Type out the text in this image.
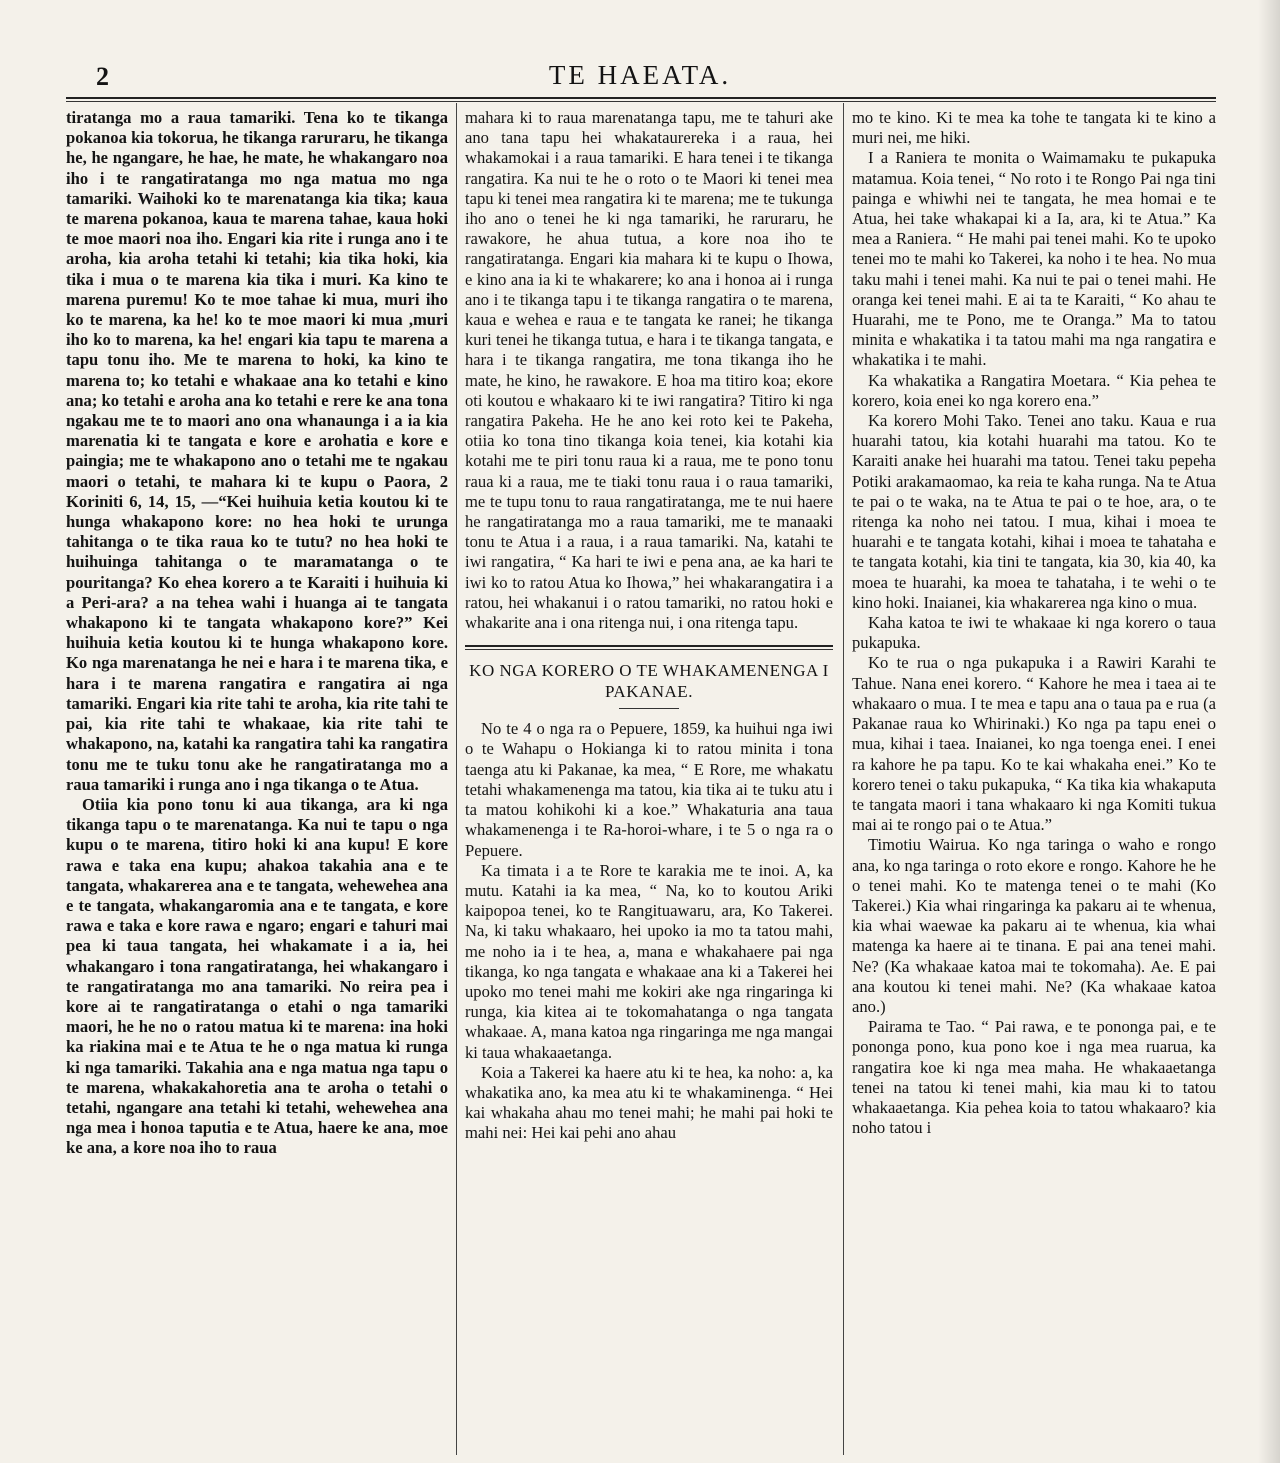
2	TE HAEATA.

tiratanga mo a raua tamariki. Tena ko te tikanga pokanoa kia tokorua, he tikanga raruraru, he tikanga he, he ngangare, he hae, he mate, he whakangaro noa iho i te rangatiratanga mo nga matua mo nga tamariki. Waihoki ko te marenatanga kia tika; kaua te marena pokanoa, kaua te marena tahae, kaua hoki te moe maori noa iho. Engari kia rite i runga ano i te aroha, kia aroha tetahi ki tetahi; kia tika hoki, kia tika i mua o te marena kia tika i muri. Ka kino te marena puremu! Ko te moe tahae ki mua, muri iho ko te marena, ka he! ko te moe maori ki mua ,muri iho ko to marena, ka he! engari kia tapu te marena a tapu tonu iho. Me te marena to hoki, ka kino te marena to; ko tetahi e whakaae ana ko tetahi e kino ana; ko tetahi e aroha ana ko tetahi e rere ke ana tona ngakau me te to maori ano ona whanaunga i a ia kia marenatia ki te tangata e kore e arohatia e kore e paingia; me te whakapono ano o tetahi me te ngakau maori o tetahi, te mahara ki te kupu o Paora, 2 Koriniti 6, 14, 15, —“Kei huihuia ketia koutou ki te hunga whakapono kore: no hea hoki te urunga tahitanga o te tika raua ko te tutu? no hea hoki te huihuinga tahitanga o te maramatanga o te pouritanga? Ko ehea korero a te Karaiti i huihuia ki a Peri-ara? a na tehea wahi i huanga ai te tangata whakapono ki te tangata whakapono kore?” Kei huihuia ketia koutou ki te hunga whakapono kore. Ko nga marenatanga he nei e hara i te marena tika, e hara i te marena rangatira e rangatira ai nga tamariki. Engari kia rite tahi te aroha, kia rite tahi te pai, kia rite tahi te whakaae, kia rite tahi te whakapono, na, katahi ka rangatira tahi ka rangatira tonu me te tuku tonu ake he rangatiratanga mo a raua tamariki i runga ano i nga tikanga o te Atua.

Otiia kia pono tonu ki aua tikanga, ara ki nga tikanga tapu o te marenatanga. Ka nui te tapu o nga kupu o te marena, titiro hoki ki ana kupu! E kore rawa e taka ena kupu; ahakoa takahia ana e te tangata, whakarerea ana e te tangata, wehewehea ana e te tangata, whakangaromia ana e te tangata, e kore rawa e taka e kore rawa e ngaro; engari e tahuri mai pea ki taua tangata, hei whakamate i a ia, hei whakangaro i tona rangatiratanga, hei whakangaro i te rangatiratanga mo ana tamariki. No reira pea i kore ai te rangatiratanga o etahi o nga tamariki maori, he he no o ratou matua ki te marena: ina hoki ka riakina mai e te Atua te he o nga matua ki runga ki nga tamariki. Takahia ana e nga matua nga tapu o te marena, whakakahoretia ana te aroha o tetahi o tetahi, ngangare ana tetahi ki tetahi, wehewehea ana nga mea i honoa taputia e te Atua, haere ke ana, moe ke ana, a kore noa iho to raua

mahara ki to raua marenatanga tapu, me te tahuri ake ano tana tapu hei whakataurereka i a raua, hei whakamokai i a raua tamariki. E hara tenei i te tikanga rangatira. Ka nui te he o roto o te Maori ki tenei mea tapu ki tenei mea rangatira ki te marena; me te tukunga iho ano o tenei he ki nga tamariki, he raruraru, he rawakore, he ahua tutua, a kore noa iho te rangatiratanga. Engari kia mahara ki te kupu o Ihowa, e kino ana ia ki te whakarere; ko ana i honoa ai i runga ano i te tikanga tapu i te tikanga rangatira o te marena, kaua e wehea e raua e te tangata ke ranei; he tikanga kuri tenei he tikanga tutua, e hara i te tikanga tangata, e hara i te tikanga rangatira, me tona tikanga iho he mate, he kino, he rawakore. E hoa ma titiro koa; ekore oti koutou e whakaaro ki te iwi rangatira? Titiro ki nga rangatira Pakeha. He he ano kei roto kei te Pakeha, otiia ko tona tino tikanga koia tenei, kia kotahi kia kotahi me te piri tonu raua ki a raua, me te pono tonu raua ki a raua, me te tiaki tonu raua i o raua tamariki, me te tupu tonu to raua rangatiratanga, me te nui haere he rangatiratanga mo a raua tamariki, me te manaaki tonu te Atua i a raua, i a raua tamariki. Na, katahi te iwi rangatira, “ Ka hari te iwi e pena ana, ae ka hari te iwi ko to ratou Atua ko Ihowa,” hei whakarangatira i a ratou, hei whakanui i o ratou tamariki, no ratou hoki e whakarite ana i ona ritenga nui, i ona ritenga tapu.

KO NGA KORERO O TE WHAKAMENENGA I PAKANAE.

No te 4 o nga ra o Pepuere, 1859, ka huihui nga iwi o te Wahapu o Hokianga ki to ratou minita i tona taenga atu ki Pakanae, ka mea, “ E Rore, me whakatu tetahi whakamenenga ma tatou, kia tika ai te tuku atu i ta matou kohikohi ki a koe.” Whakaturia ana taua whakamenenga i te Ra-horoi-whare, i te 5 o nga ra o Pepuere.

Ka timata i a te Rore te karakia me te inoi. A, ka mutu. Katahi ia ka mea, “ Na, ko to koutou Ariki kaipopoa tenei, ko te Rangituawaru, ara, Ko Takerei. Na, ki taku whakaaro, hei upoko ia mo ta tatou mahi, me noho ia i te hea, a, mana e whakahaere pai nga tikanga, ko nga tangata e whakaae ana ki a Takerei hei upoko mo tenei mahi me kokiri ake nga ringaringa ki runga, kia kitea ai te tokomahatanga o nga tangata whakaae. A, mana katoa nga ringaringa me nga mangai ki taua whakaaetanga.

Koia a Takerei ka haere atu ki te hea, ka noho: a, ka whakatika ano, ka mea atu ki te whakaminenga. “ Hei kai whakaha ahau mo tenei mahi; he mahi pai hoki te mahi nei: Hei kai pehi ano ahau

mo te kino. Ki te mea ka tohe te tangata ki te kino a muri nei, me hiki.

I a Raniera te monita o Waimamaku te pukapuka matamua. Koia tenei, “ No roto i te Rongo Pai nga tini painga e whiwhi nei te tangata, he mea homai e te Atua, hei take whakapai ki a Ia, ara, ki te Atua.” Ka mea a Raniera. “ He mahi pai tenei mahi. Ko te upoko tenei mo te mahi ko Takerei, ka noho i te hea. No mua taku mahi i tenei mahi. Ka nui te pai o tenei mahi. He oranga kei tenei mahi. E ai ta te Karaiti, “ Ko ahau te Huarahi, me te Pono, me te Oranga.” Ma to tatou minita e whakatika i ta tatou mahi ma nga rangatira e whakatika i te mahi.

Ka whakatika a Rangatira Moetara. “ Kia pehea te korero, koia enei ko nga korero ena.”

Ka korero Mohi Tako. Tenei ano taku. Kaua e rua huarahi tatou, kia kotahi huarahi ma tatou. Ko te Karaiti anake hei huarahi ma tatou. Tenei taku pepeha Potiki arakamaomao, ka reia te kaha runga. Na te Atua te pai o te waka, na te Atua te pai o te hoe, ara, o te ritenga ka noho nei tatou. I mua, kihai i moea te huarahi e te tangata kotahi, kihai i moea te tahataha e te tangata kotahi, kia tini te tangata, kia 30, kia 40, ka moea te huarahi, ka moea te tahataha, i te wehi o te kino hoki. Inaianei, kia whakarerea nga kino o mua.

Kaha katoa te iwi te whakaae ki nga korero o taua pukapuka.

Ko te rua o nga pukapuka i a Rawiri Karahi te Tahue. Nana enei korero. “ Kahore he mea i taea ai te whakaaro o mua. I te mea e tapu ana o taua pa e rua (a Pakanae raua ko Whirinaki.) Ko nga pa tapu enei o mua, kihai i taea. Inaianei, ko nga toenga enei. I enei ra kahore he pa tapu. Ko te kai whakaha enei.” Ko te korero tenei o taku pukapuka, “ Ka tika kia whakaputa te tangata maori i tana whakaaro ki nga Komiti tukua mai ai te rongo pai o te Atua.”

Timotiu Wairua. Ko nga taringa o waho e rongo ana, ko nga taringa o roto ekore e rongo. Kahore he he o tenei mahi. Ko te matenga tenei o te mahi (Ko Takerei.) Kia whai ringaringa ka pakaru ai te whenua, kia whai waewae ka pakaru ai te whenua, kia whai matenga ka haere ai te tinana. E pai ana tenei mahi. Ne? (Ka whakaae katoa mai te tokomaha). Ae. E pai ana koutou ki tenei mahi. Ne? (Ka whakaae katoa ano.)

Pairama te Tao. “ Pai rawa, e te pononga pai, e te pononga pono, kua pono koe i nga mea ruarua, ka rangatira koe ki nga mea maha. He whakaaetanga tenei na tatou ki tenei mahi, kia mau ki to tatou whakaaetanga. Kia pehea koia to tatou whakaaro? kia noho tatou i
